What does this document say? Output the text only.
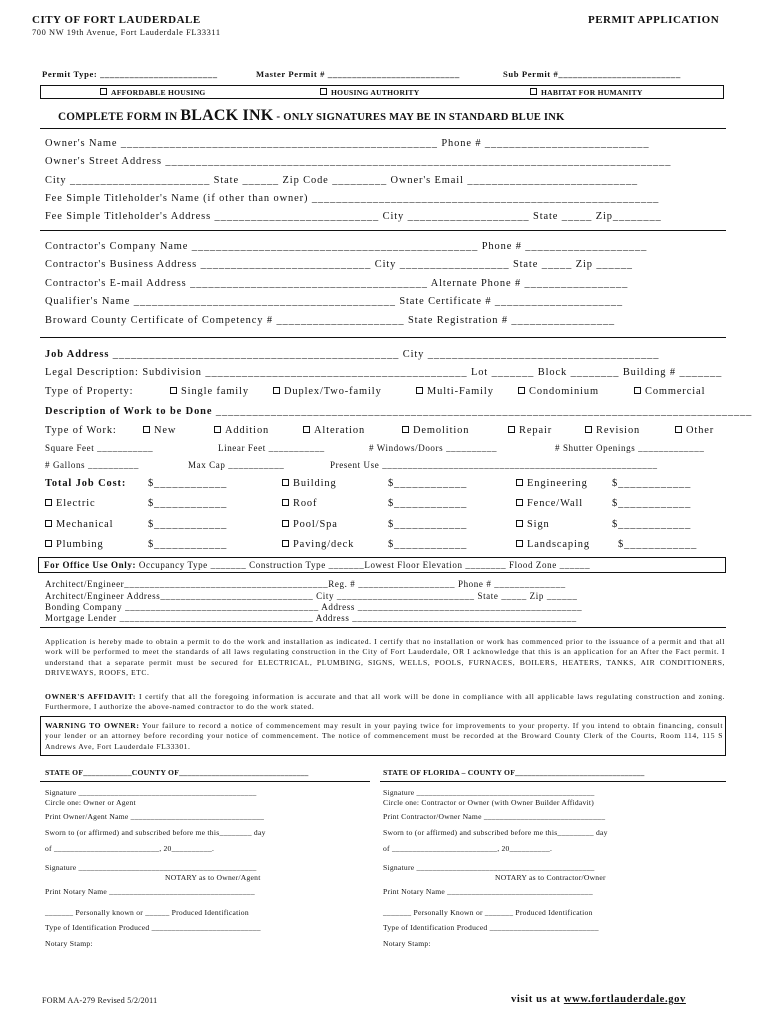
CITY OF FORT LAUDERDALE
700 NW 19th Avenue, Fort Lauderdale FL33311
PERMIT APPLICATION
Permit Type: ________________________	Master Permit # ___________________________	Sub Permit #_________________________
AFFORDABLE HOUSING	HOUSING AUTHORITY	HABITAT FOR HUMANITY
COMPLETE FORM IN BLACK INK - ONLY SIGNATURES MAY BE IN STANDARD BLUE INK
Owner's Name ____________________________________________________ Phone # ___________________________
Owner's Street Address ___________________________________________________________________________________
City _______________________ State ______ Zip Code _________ Owner's Email ____________________________
Fee Simple Titleholder's Name (if other than owner) _________________________________________________________
Fee Simple Titleholder's Address ___________________________ City ____________________ State _____ Zip________
Contractor's Company Name _______________________________________________ Phone # ____________________
Contractor's Business Address ____________________________ City __________________ State _____ Zip ______
Contractor's E-mail Address _______________________________________ Alternate Phone # _________________
Qualifier's Name ___________________________________________ State Certificate # _____________________
Broward County Certificate of Competency # _____________________ State Registration # _________________
Job Address _______________________________________________ City ______________________________________
Legal Description: Subdivision ___________________________________________ Lot _______ Block ________ Building # _______
Type of Property:	Single family	Duplex/Two-family	Multi-Family	Condominium	Commercial
Description of Work to be Done ________________________________________________________________________________________
Type of Work:	New	Addition	Alteration	Demolition	Repair	Revision	Other
Square Feet ___________	Linear Feet ___________	# Windows/Doors __________	# Shutter Openings _____________
# Gallons __________	Max Cap ___________	Present Use ______________________________________________________
Total Job Cost: $____________	Building	$____________	Engineering $____________
Electric	$____________	Roof	$____________	Fence/Wall	$____________
Mechanical	$____________	Pool/Spa	$____________	Sign	$____________
Plumbing	$____________	Paving/deck	$____________	Landscaping	$____________
For Office Use Only: Occupancy Type _______ Construction Type _______Lowest Floor Elevation ________ Flood Zone ______
Architect/Engineer________________________________________Reg. # ___________________ Phone # ______________
Architect/Engineer Address______________________________ City ___________________________ State _____ Zip ______
Bonding Company ______________________________________ Address ____________________________________________
Mortgage Lender ______________________________________ Address ____________________________________________

Application is hereby made to obtain a permit to do the work and installation as indicated. I certify that no installation or work has commenced prior to the issuance of a permit and that all work will be performed to meet the standards of all laws regulating construction in the City of Fort Lauderdale, OR I acknowledge that this is an application for an After the Fact permit. I understand that a separate permit must be secured for ELECTRICAL, PLUMBING, SIGNS, WELLS, POOLS, FURNACES, BOILERS, HEATERS, TANKS, AIR CONDITIONERS, DRIVEWAYS, ROOFS, ETC.

OWNER'S AFFIDAVIT: I certify that all the foregoing information is accurate and that all work will be done in compliance with all applicable laws regulating construction and zoning. Furthermore, I authorize the above-named contractor to do the work stated.

WARNING TO OWNER: Your failure to record a notice of commencement may result in your paying twice for improvements to your property. If you intend to obtain financing, consult your lender or an attorney before recording your notice of commencement. The notice of commencement must be recorded at the Broward County Clerk of the Courts, Room 114, 115 S Andrews Ave, Fort Lauderdale FL33301.

STATE OF____________COUNTY OF________________________________
Signature ____________________________________________
Circle one: Owner or Agent
Print Owner/Agent Name _________________________________
Sworn to (or affirmed) and subscribed before me this________ day
of __________________________, 20__________.
Signature ____________________________________________
NOTARY as to Owner/Agent
Print Notary Name ____________________________________
_______ Personally known or ______ Produced Identification
Type of Identification Produced ___________________________
Notary Stamp:
STATE OF FLORIDA – COUNTY OF________________________________
Signature ____________________________________________
Circle one: Contractor or Owner (with Owner Builder Affidavit)
Print Contractor/Owner Name ______________________________
Sworn to (or affirmed) and subscribed before me this_________ day
of __________________________, 20__________.
Signature ____________________________________________
NOTARY as to Contractor/Owner
Print Notary Name ____________________________________
_______ Personally Known or _______ Produced Identification
Type of Identification Produced ___________________________
Notary Stamp:
FORM AA-279 Revised 5/2/2011	visit us at www.fortlauderdale.gov
